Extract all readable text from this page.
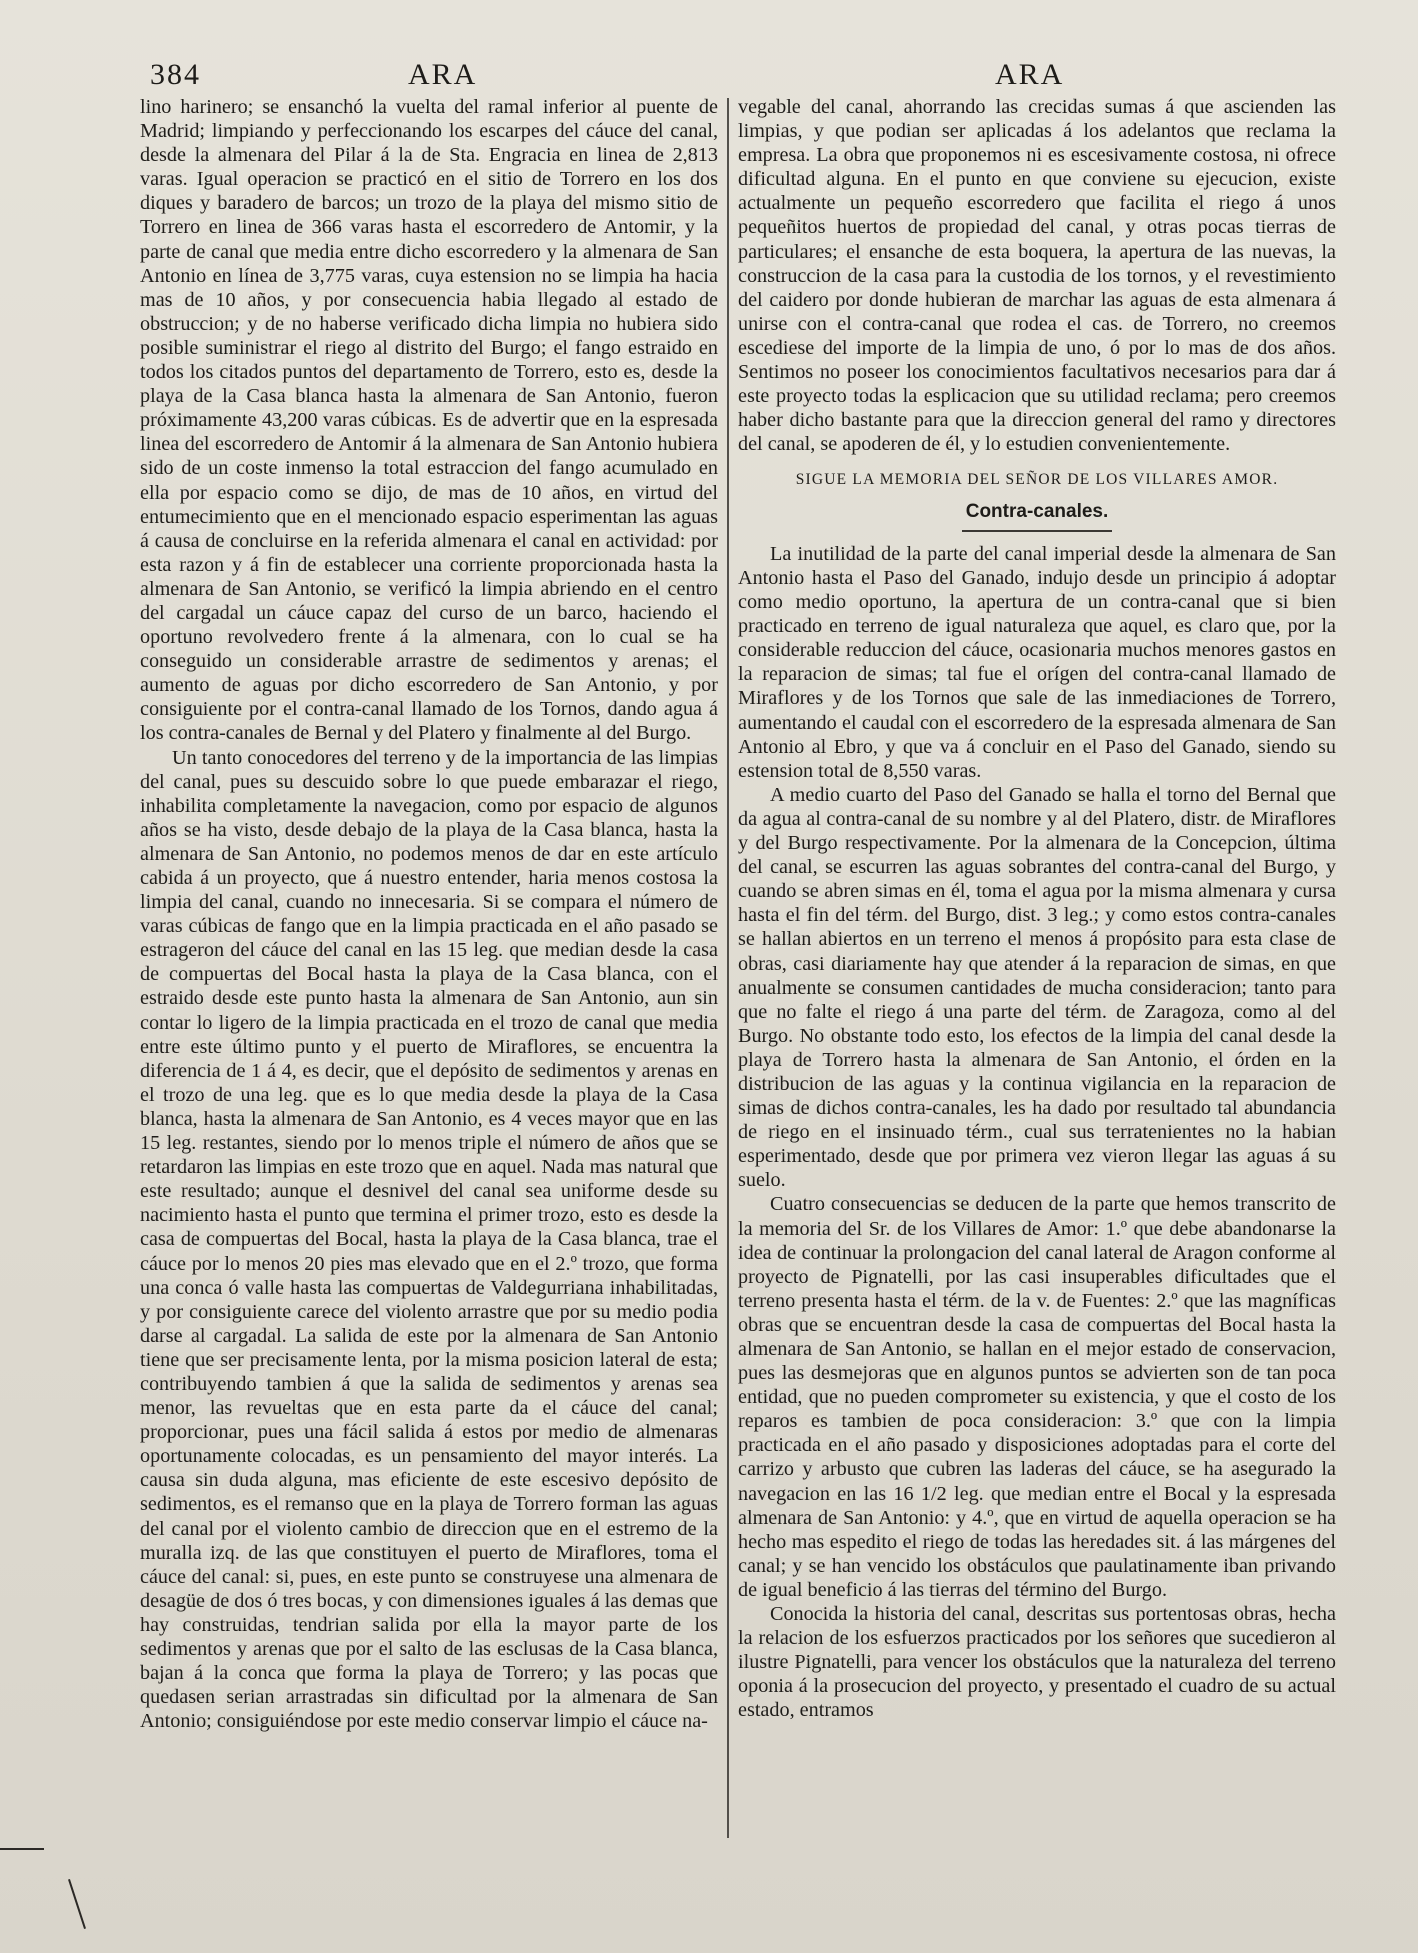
384	ARA	ARA

lino harinero; se ensanchó la vuelta del ramal inferior al puente de Madrid; limpiando y perfeccionando los escarpes del cáuce del canal, desde la almenara del Pilar á la de Sta. Engracia en linea de 2,813 varas. Igual operacion se practicó en el sitio de Torrero en los dos diques y baradero de barcos; un trozo de la playa del mismo sitio de Torrero en linea de 366 varas hasta el escorredero de Antomir, y la parte de canal que media entre dicho escorredero y la almenara de San Antonio en línea de 3,775 varas, cuya estension no se limpia ha hacia mas de 10 años, y por consecuencia habia llegado al estado de obstruccion; y de no haberse verificado dicha limpia no hubiera sido posible suministrar el riego al distrito del Burgo; el fango estraido en todos los citados puntos del departamento de Torrero, esto es, desde la playa de la Casa blanca hasta la almenara de San Antonio, fueron próximamente 43,200 varas cúbicas. Es de advertir que en la espresada linea del escorredero de Antomir á la almenara de San Antonio hubiera sido de un coste inmenso la total estraccion del fango acumulado en ella por espacio como se dijo, de mas de 10 años, en virtud del entumecimiento que en el mencionado espacio esperimentan las aguas á causa de concluirse en la referida almenara el canal en actividad: por esta razon y á fin de establecer una corriente proporcionada hasta la almenara de San Antonio, se verificó la limpia abriendo en el centro del cargadal un cáuce capaz del curso de un barco, haciendo el oportuno revolvedero frente á la almenara, con lo cual se ha conseguido un considerable arrastre de sedimentos y arenas; el aumento de aguas por dicho escorredero de San Antonio, y por consiguiente por el contra-canal llamado de los Tornos, dando agua á los contra-canales de Bernal y del Platero y finalmente al del Burgo.

Un tanto conocedores del terreno y de la importancia de las limpias del canal, pues su descuido sobre lo que puede embarazar el riego, inhabilita completamente la navegacion, como por espacio de algunos años se ha visto, desde debajo de la playa de la Casa blanca, hasta la almenara de San Antonio, no podemos menos de dar en este artículo cabida á un proyecto, que á nuestro entender, haria menos costosa la limpia del canal, cuando no innecesaria. Si se compara el número de varas cúbicas de fango que en la limpia practicada en el año pasado se estrageron del cáuce del canal en las 15 leg. que median desde la casa de compuertas del Bocal hasta la playa de la Casa blanca, con el estraido desde este punto hasta la almenara de San Antonio, aun sin contar lo ligero de la limpia practicada en el trozo de canal que media entre este último punto y el puerto de Miraflores, se encuentra la diferencia de 1 á 4, es decir, que el depósito de sedimentos y arenas en el trozo de una leg. que es lo que media desde la playa de la Casa blanca, hasta la almenara de San Antonio, es 4 veces mayor que en las 15 leg. restantes, siendo por lo menos triple el número de años que se retardaron las limpias en este trozo que en aquel. Nada mas natural que este resultado; aunque el desnivel del canal sea uniforme desde su nacimiento hasta el punto que termina el primer trozo, esto es desde la casa de compuertas del Bocal, hasta la playa de la Casa blanca, trae el cáuce por lo menos 20 pies mas elevado que en el 2.º trozo, que forma una conca ó valle hasta las compuertas de Valdegurriana inhabilitadas, y por consiguiente carece del violento arrastre que por su medio podia darse al cargadal. La salida de este por la almenara de San Antonio tiene que ser precisamente lenta, por la misma posicion lateral de esta; contribuyendo tambien á que la salida de sedimentos y arenas sea menor, las revueltas que en esta parte da el cáuce del canal; proporcionar, pues una fácil salida á estos por medio de almenaras oportunamente colocadas, es un pensamiento del mayor interés. La causa sin duda alguna, mas eficiente de este escesivo depósito de sedimentos, es el remanso que en la playa de Torrero forman las aguas del canal por el violento cambio de direccion que en el estremo de la muralla izq. de las que constituyen el puerto de Miraflores, toma el cáuce del canal: si, pues, en este punto se construyese una almenara de desagüe de dos ó tres bocas, y con dimensiones iguales á las demas que hay construidas, tendrian salida por ella la mayor parte de los sedimentos y arenas que por el salto de las esclusas de la Casa blanca, bajan á la conca que forma la playa de Torrero; y las pocas que quedasen serian arrastradas sin dificultad por la almenara de San Antonio; consiguiéndose por este medio conservar limpio el cáuce na-

vegable del canal, ahorrando las crecidas sumas á que ascienden las limpias, y que podian ser aplicadas á los adelantos que reclama la empresa. La obra que proponemos ni es escesivamente costosa, ni ofrece dificultad alguna. En el punto en que conviene su ejecucion, existe actualmente un pequeño escorredero que facilita el riego á unos pequeñitos huertos de propiedad del canal, y otras pocas tierras de particulares; el ensanche de esta boquera, la apertura de las nuevas, la construccion de la casa para la custodia de los tornos, y el revestimiento del caidero por donde hubieran de marchar las aguas de esta almenara á unirse con el contra-canal que rodea el cas. de Torrero, no creemos escediese del importe de la limpia de uno, ó por lo mas de dos años. Sentimos no poseer los conocimientos facultativos necesarios para dar á este proyecto todas la esplicacion que su utilidad reclama; pero creemos haber dicho bastante para que la direccion general del ramo y directores del canal, se apoderen de él, y lo estudien convenientemente.

SIGUE LA MEMORIA DEL SEÑOR DE LOS VILLARES AMOR.
Contra-canales.

La inutilidad de la parte del canal imperial desde la almenara de San Antonio hasta el Paso del Ganado, indujo desde un principio á adoptar como medio oportuno, la apertura de un contra-canal que si bien practicado en terreno de igual naturaleza que aquel, es claro que, por la considerable reduccion del cáuce, ocasionaria muchos menores gastos en la reparacion de simas; tal fue el orígen del contra-canal llamado de Miraflores y de los Tornos que sale de las inmediaciones de Torrero, aumentando el caudal con el escorredero de la espresada almenara de San Antonio al Ebro, y que va á concluir en el Paso del Ganado, siendo su estension total de 8,550 varas.

A medio cuarto del Paso del Ganado se halla el torno del Bernal que da agua al contra-canal de su nombre y al del Platero, distr. de Miraflores y del Burgo respectivamente. Por la almenara de la Concepcion, última del canal, se escurren las aguas sobrantes del contra-canal del Burgo, y cuando se abren simas en él, toma el agua por la misma almenara y cursa hasta el fin del térm. del Burgo, dist. 3 leg.; y como estos contra-canales se hallan abiertos en un terreno el menos á propósito para esta clase de obras, casi diariamente hay que atender á la reparacion de simas, en que anualmente se consumen cantidades de mucha consideracion; tanto para que no falte el riego á una parte del térm. de Zaragoza, como al del Burgo. No obstante todo esto, los efectos de la limpia del canal desde la playa de Torrero hasta la almenara de San Antonio, el órden en la distribucion de las aguas y la continua vigilancia en la reparacion de simas de dichos contra-canales, les ha dado por resultado tal abundancia de riego en el insinuado térm., cual sus terratenientes no la habian esperimentado, desde que por primera vez vieron llegar las aguas á su suelo.

Cuatro consecuencias se deducen de la parte que hemos transcrito de la memoria del Sr. de los Villares de Amor: 1.º que debe abandonarse la idea de continuar la prolongacion del canal lateral de Aragon conforme al proyecto de Pignatelli, por las casi insuperables dificultades que el terreno presenta hasta el térm. de la v. de Fuentes: 2.º que las magníficas obras que se encuentran desde la casa de compuertas del Bocal hasta la almenara de San Antonio, se hallan en el mejor estado de conservacion, pues las desmejoras que en algunos puntos se advierten son de tan poca entidad, que no pueden comprometer su existencia, y que el costo de los reparos es tambien de poca consideracion: 3.º que con la limpia practicada en el año pasado y disposiciones adoptadas para el corte del carrizo y arbusto que cubren las laderas del cáuce, se ha asegurado la navegacion en las 16 1/2 leg. que median entre el Bocal y la espresada almenara de San Antonio: y 4.º, que en virtud de aquella operacion se ha hecho mas espedito el riego de todas las heredades sit. á las márgenes del canal; y se han vencido los obstáculos que paulatinamente iban privando de igual beneficio á las tierras del término del Burgo.

Conocida la historia del canal, descritas sus portentosas obras, hecha la relacion de los esfuerzos practicados por los señores que sucedieron al ilustre Pignatelli, para vencer los obstáculos que la naturaleza del terreno oponia á la prosecucion del proyecto, y presentado el cuadro de su actual estado, entramos
